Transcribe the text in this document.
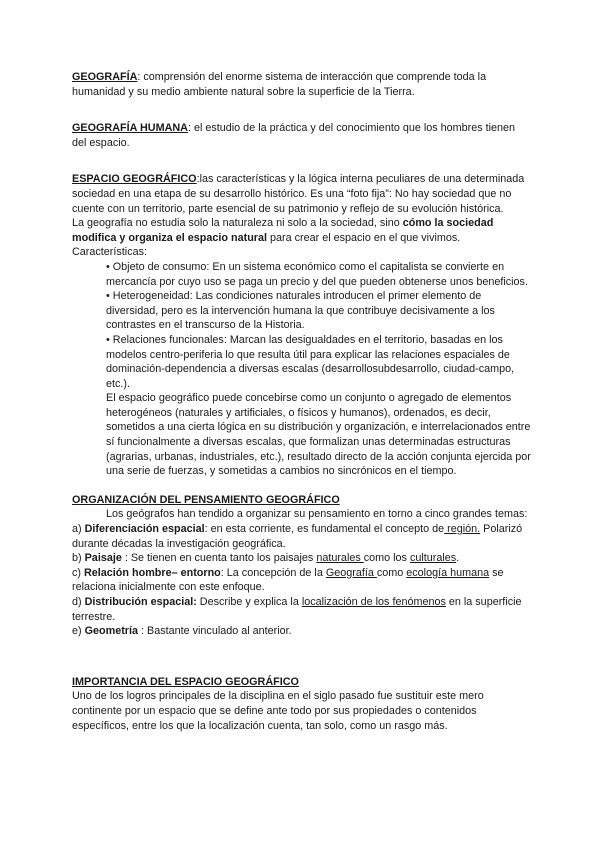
GEOGRAFÍA: comprensión del enorme sistema de interacción que comprende toda la humanidad y su medio ambiente natural sobre la superficie de la Tierra.

GEOGRAFÍA HUMANA: el estudio de la práctica y del conocimiento que los hombres tienen del espacio.

ESPACIO GEOGRÁFICO:las características y la lógica interna peculiares de una determinada sociedad en una etapa de su desarrollo histórico. Es una “foto fija”: No hay sociedad que no cuente con un territorio, parte esencial de su patrimonio y reflejo de su evolución histórica.

La geografía no estudia solo la naturaleza ni solo a la sociedad, sino cómo la sociedad modifica y organiza el espacio natural para crear el espacio en el que vivimos.

Características:

• Objeto de consumo: En un sistema económico como el capitalista se convierte en mercancía por cuyo uso se paga un precio y del que pueden obtenerse unos beneficios.

• Heterogeneidad: Las condiciones naturales introducen el primer elemento de diversidad, pero es la intervención humana la que contribuye decisivamente a los contrastes en el transcurso de la Historia.

• Relaciones funcionales: Marcan las desigualdades en el territorio, basadas en los modelos centro-periferia lo que resulta útil para explicar las relaciones espaciales de dominación-dependencia a diversas escalas (desarrollosubdesarrollo, ciudad-campo, etc.).

El espacio geográfico puede concebirse como un conjunto o agregado de elementos heterogéneos (naturales y artificiales, o físicos y humanos), ordenados, es decir, sometidos a una cierta lógica en su distribución y organización, e interrelacionados entre sí funcionalmente a diversas escalas, que formalizan unas determinadas estructuras (agrarias, urbanas, industriales, etc.), resultado directo de la acción conjunta ejercida por una serie de fuerzas, y sometidas a cambios no sincrónicos en el tiempo.

ORGANIZACIÓN DEL PENSAMIENTO GEOGRÁFICO

Los geógrafos han tendido a organizar su pensamiento en torno a cinco grandes temas:

a) Diferenciación espacial: en esta corriente, es fundamental el concepto de región. Polarizó durante décadas la investigación geográfica.

b) Paisaje : Se tienen en cuenta tanto los paisajes naturales como los culturales.

c) Relación hombre– entorno: La concepción de la Geografía como ecología humana se relaciona inicialmente con este enfoque.

d) Distribución espacial: Describe y explica la localización de los fenómenos en la superficie terrestre.

e) Geometría : Bastante vinculado al anterior.

IMPORTANCIA DEL ESPACIO GEOGRÁFICO

Uno de los logros principales de la disciplina en el siglo pasado fue sustituir este mero continente por un espacio que se define ante todo por sus propiedades o contenidos específicos, entre los que la localización cuenta, tan solo, como un rasgo más.
